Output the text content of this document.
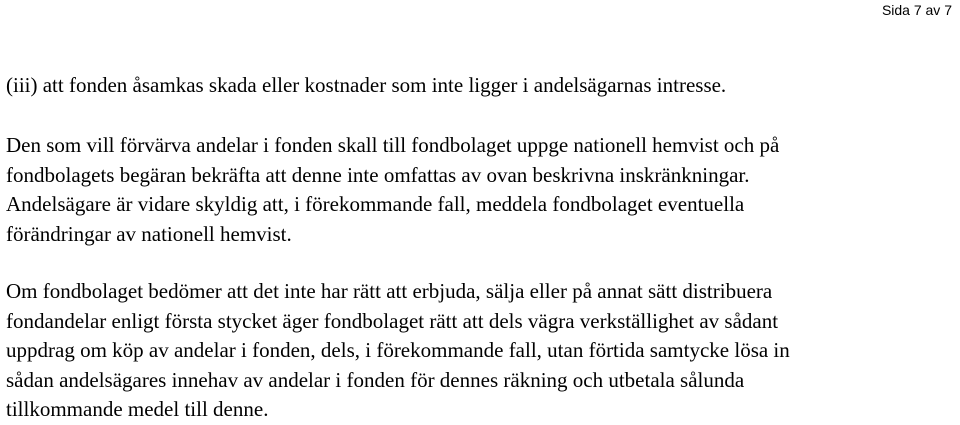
Sida 7 av 7
(iii) att fonden åsamkas skada eller kostnader som inte ligger i andelsägarnas intresse.
Den som vill förvärva andelar i fonden skall till fondbolaget uppge nationell hemvist och på
fondbolagets begäran bekräfta att denne inte omfattas av ovan beskrivna inskränkningar.
Andelsägare är vidare skyldig att, i förekommande fall, meddela fondbolaget eventuella
förändringar av nationell hemvist.
Om fondbolaget bedömer att det inte har rätt att erbjuda, sälja eller på annat sätt distribuera
fondandelar enligt första stycket äger fondbolaget rätt att dels vägra verkställighet av sådant
uppdrag om köp av andelar i fonden, dels, i förekommande fall, utan förtida samtycke lösa in
sådan andelsägares innehav av andelar i fonden för dennes räkning och utbetala sålunda
tillkommande medel till denne.
